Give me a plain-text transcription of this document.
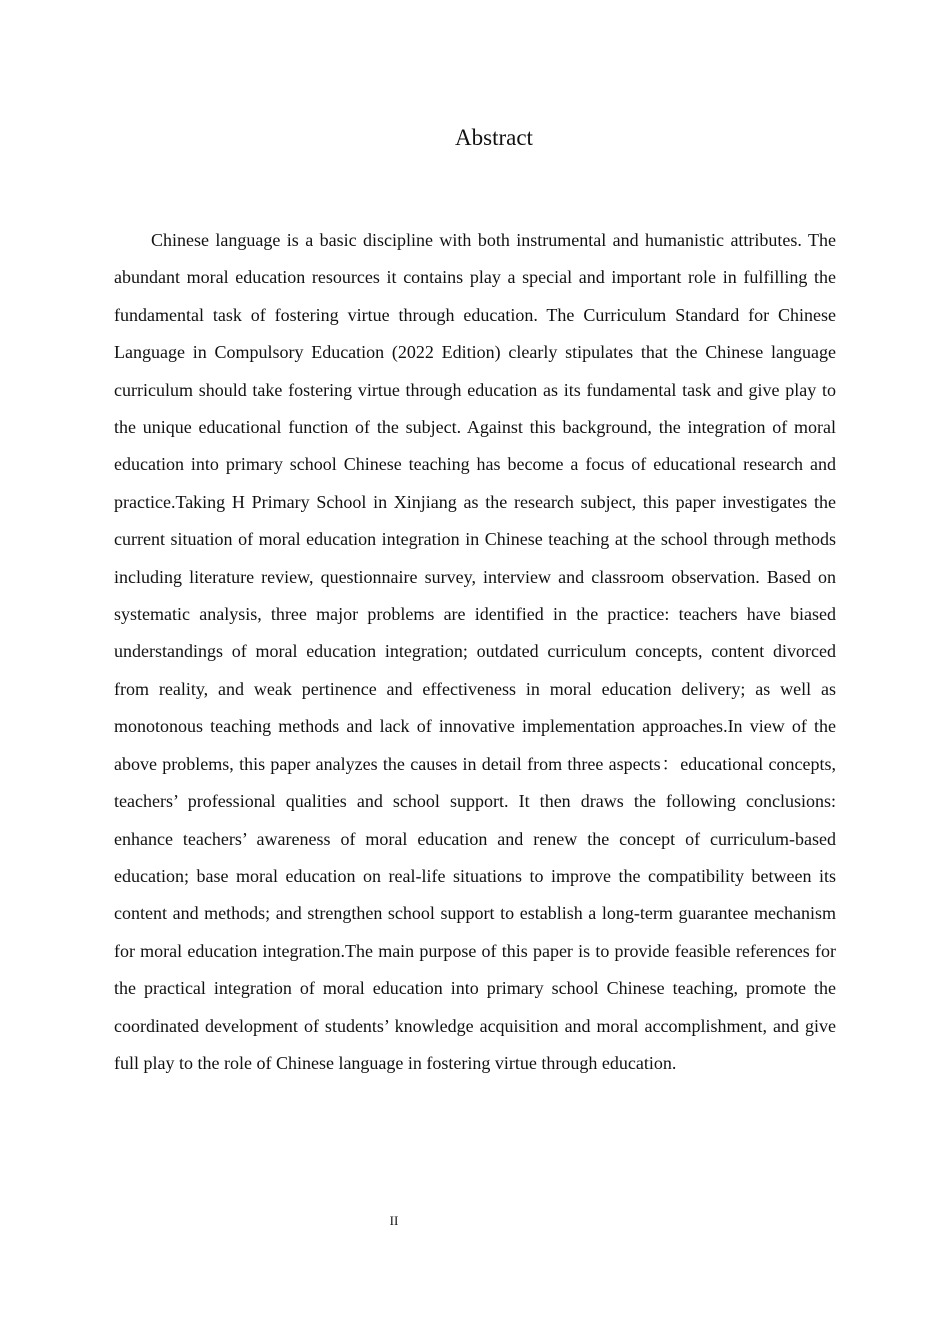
Abstract

Chinese language is a basic discipline with both instrumental and humanistic attributes. The abundant moral education resources it contains play a special and important role in fulfilling the fundamental task of fostering virtue through education. The Curriculum Standard for Chinese Language in Compulsory Education (2022 Edition) clearly stipulates that the Chinese language curriculum should take fostering virtue through education as its fundamental task and give play to the unique educational function of the subject. Against this background, the integration of moral education into primary school Chinese teaching has become a focus of educational research and practice.Taking H Primary School in Xinjiang as the research subject, this paper investigates the current situation of moral education integration in Chinese teaching at the school through methods including literature review, questionnaire survey, interview and classroom observation. Based on systematic analysis, three major problems are identified in the practice: teachers have biased understandings of moral education integration; outdated curriculum concepts, content divorced from reality, and weak pertinence and effectiveness in moral education delivery; as well as monotonous teaching methods and lack of innovative implementation approaches.In view of the above problems, this paper analyzes the causes in detail from three aspects：educational concepts, teachers’ professional qualities and school support. It then draws the following conclusions: enhance teachers’ awareness of moral education and renew the concept of curriculum-based education; base moral education on real-life situations to improve the compatibility between its content and methods; and strengthen school support to establish a long-term guarantee mechanism for moral education integration.The main purpose of this paper is to provide feasible references for the practical integration of moral education into primary school Chinese teaching, promote the coordinated development of students’ knowledge acquisition and moral accomplishment, and give full play to the role of Chinese language in fostering virtue through education.

II
